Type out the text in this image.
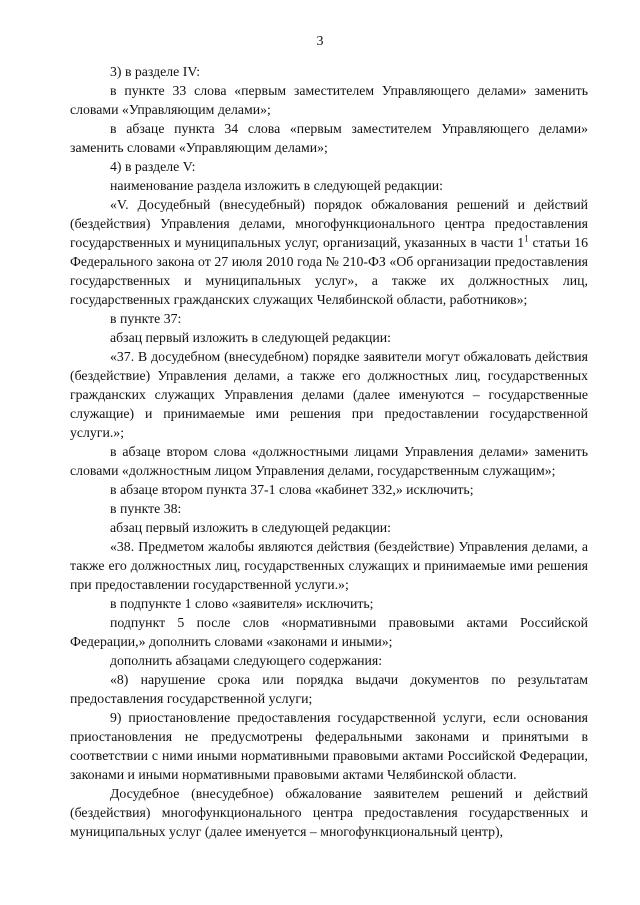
3

3) в разделе IV:

в пункте 33 слова «первым заместителем Управляющего делами» заменить словами «Управляющим делами»;

в абзаце пункта 34 слова «первым заместителем Управляющего делами» заменить словами «Управляющим делами»;

4) в разделе V:

наименование раздела изложить в следующей редакции:

«V. Досудебный (внесудебный) порядок обжалования решений и действий (бездействия) Управления делами, многофункционального центра предоставления государственных и муниципальных услуг, организаций, указанных в части $1^1$ статьи 16 Федерального закона от 27 июля 2010 года № 210-ФЗ «Об организации предоставления государственных и муниципальных услуг», а также их должностных лиц, государственных гражданских служащих Челябинской области, работников»;

в пункте 37:

абзац первый изложить в следующей редакции:

«37. В досудебном (внесудебном) порядке заявители могут обжаловать действия (бездействие) Управления делами, а также его должностных лиц, государственных гражданских служащих Управления делами (далее именуются – государственные служащие) и принимаемые ими решения при предоставлении государственной услуги.»;

в абзаце втором слова «должностными лицами Управления делами» заменить словами «должностным лицом Управления делами, государственным служащим»;

в абзаце втором пункта 37-1 слова «кабинет 332,» исключить;

в пункте 38:

абзац первый изложить в следующей редакции:

«38. Предметом жалобы являются действия (бездействие) Управления делами, а также его должностных лиц, государственных служащих и принимаемые ими решения при предоставлении государственной услуги.»;

в подпункте 1 слово «заявителя» исключить;

подпункт 5 после слов «нормативными правовыми актами Российской Федерации,» дополнить словами «законами и иными»;

дополнить абзацами следующего содержания:

«8) нарушение срока или порядка выдачи документов по результатам предоставления государственной услуги;

9) приостановление предоставления государственной услуги, если основания приостановления не предусмотрены федеральными законами и принятыми в соответствии с ними иными нормативными правовыми актами Российской Федерации, законами и иными нормативными правовыми актами Челябинской области.

Досудебное (внесудебное) обжалование заявителем решений и действий (бездействия) многофункционального центра предоставления государственных и муниципальных услуг (далее именуется – многофункциональный центр),
